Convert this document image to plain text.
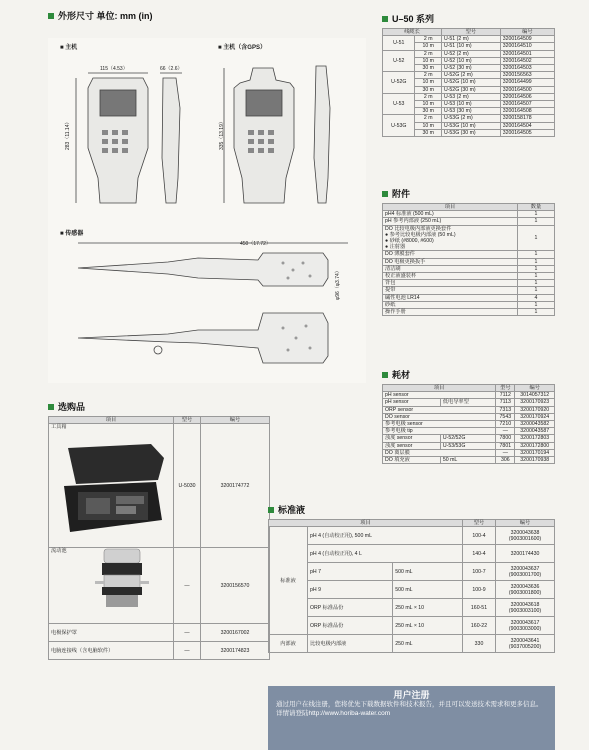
外形尺寸 单位: mm (in)
■ 主机	■ 主机（含GPS）
■ 传感器
115（4.53）	66（2.6）
283（11.14）	335（13.19）
450（17.72）
φ96（φ3.74）
选购品
项目	型号	编号

工具箱	U-5030	3200174772

流动池	—	3200156570
电极保护罩	—	3200167002
电脑连接线（含电脑软件）	—	3200174823
U–50 系列
线缆长		型号	编号
U-51	2 m	U-51 (2 m)	3200164509
	10 m	U-51 (10 m)	3200164510
U-52	2 m	U-52 (2 m)	3200164501
	10 m	U-52 (10 m)	3200164502
	30 m	U-52 (30 m)	3200164503
U-52G	2 m	U-52G (2 m)	3200156563
	10 m	U-52G (10 m)	3200164499
	30 m	U-52G (30 m)	3200164500
U-53	2 m	U-53 (2 m)	3200164506
	10 m	U-53 (10 m)	3200164507
	30 m	U-53 (30 m)	3200164508
U-53G	2 m	U-53G (2 m)	3200158178
	10 m	U-53G (10 m)	3200164504
	30 m	U-53G (30 m)	3200164505
附件
项目	数量
pH4 标准液 (500 mL)	1
pH 参考内部液 (250 mL)	1
DO 比较电极内部液更换套件
● 参考比较电极内部液 (50 mL)
● 砂纸 (#8000, #600)
● 注射器	1
DO 薄膜套件	1
DO 电极更换扳手	1
清洁刷	1
校正液盛装杯	1
背包	1
提带	1
碱性电池 LR14	4
砂纸	1
操作手册	1
耗材
项目		型号	编号
pH sensor		7112	3014057312
pH sensor	低电导率型	7113	3200170923
ORP sensor		7313	3200170920
DO sensor		7543	3200170924
参考电极 sensor		7210	3200043582
参考电极 tip		—	3200043587
浊度 sensor	U-52/52G	7800	3200172803
浊度 sensor	U-53/53G	7801	3200172800
DO 离层膜		—	3200170194
DO 填充液	50 mL	306	3200170938
标准液
项目			型号	编号
标准液	pH 4 (自动校正用), 500 mL		100-4	3200043638
(9003001600)
	pH 4 (自动校正用), 4 L		140-4	3200174430
	pH 7	500 mL	100-7	3200043637
(9003001700)
	pH 9	500 mL	100-9	3200043636
(9003001800)
	ORP 标准品份	250 mL × 10	160-51	3200043618
(9003003100)
	ORP 标准品份	250 mL × 10	160-22	3200043617
(9003003000)
内部液	比较电极内部液	250 mL	330	3200043641
(9037005200)
用户注册
通过用户在线注册，您将优先下载数据软件和技术报告，并且可以发送技术需求和更多信息。
详情请登陆http://www.horiba-water.com
